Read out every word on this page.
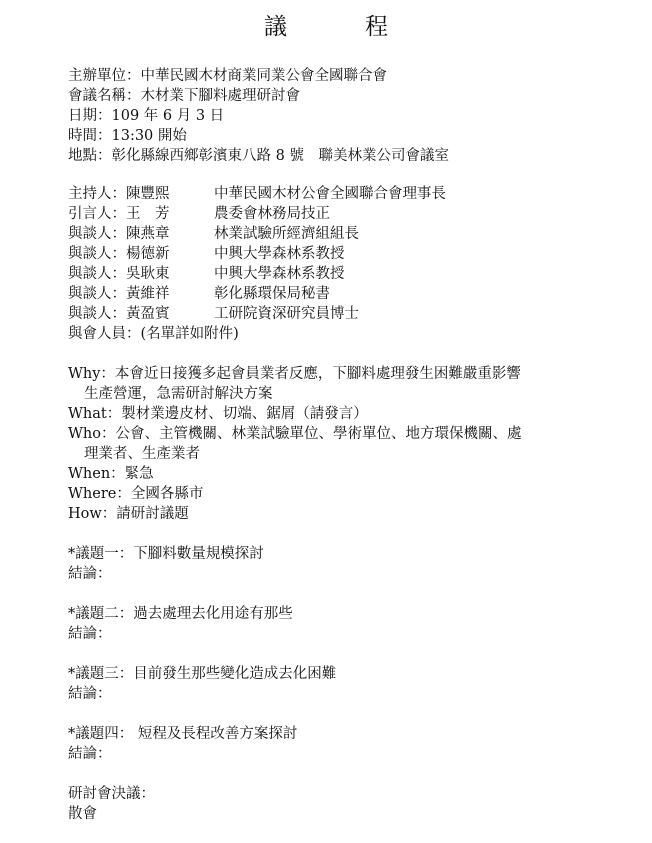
議	程
主辦單位：中華民國木材商業同業公會全國聯合會
會議名稱：木材業下腳料處理研討會
日期：109 年 6 月 3 日
時間：13:30 開始
地點：彰化縣線西鄉彰濱東八路 8 號　聯美林業公司會議室
主持人：陳豐熙	中華民國木材公會全國聯合會理事長
引言人：王　芳	農委會林務局技正
與談人：陳燕章	林業試驗所經濟組組長
與談人：楊德新	中興大學森林系教授
與談人：吳耿東	中興大學森林系教授
與談人：黃維祥	彰化縣環保局秘書
與談人：黃盈賓	工研院資深研究員博士
與會人員：(名單詳如附件)
Why：本會近日接獲多起會員業者反應，下腳料處理發生困難嚴重影響
生產營運，急需研討解決方案
What：製材業邊皮材、切端、鋸屑（請發言）
Who：公會、主管機關、林業試驗單位、學術單位、地方環保機關、處
理業者、生產業者
When：緊急
Where：全國各縣市
How：請研討議題
*議題一：下腳料數量規模探討
結論：
*議題二：過去處理去化用途有那些
結論：
*議題三：目前發生那些變化造成去化困難
結論：
*議題四： 短程及長程改善方案探討
結論：
研討會決議：
散會
